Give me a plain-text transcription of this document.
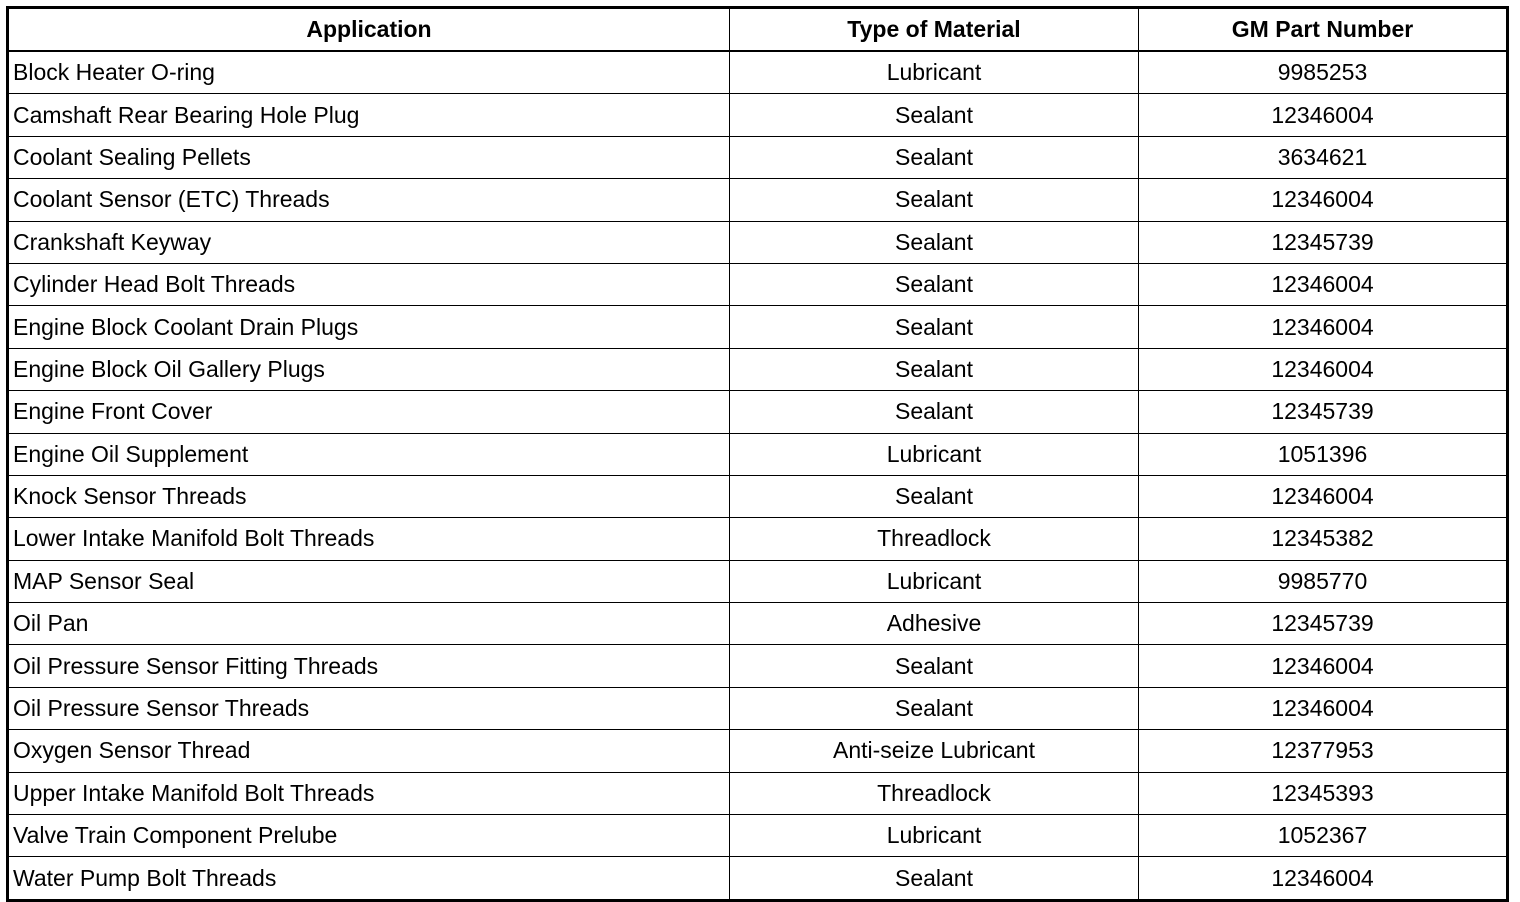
Application	Type of Material	GM Part Number
Block Heater O-ring	Lubricant	9985253
Camshaft Rear Bearing Hole Plug	Sealant	12346004
Coolant Sealing Pellets	Sealant	3634621
Coolant Sensor (ETC) Threads	Sealant	12346004
Crankshaft Keyway	Sealant	12345739
Cylinder Head Bolt Threads	Sealant	12346004
Engine Block Coolant Drain Plugs	Sealant	12346004
Engine Block Oil Gallery Plugs	Sealant	12346004
Engine Front Cover	Sealant	12345739
Engine Oil Supplement	Lubricant	1051396
Knock Sensor Threads	Sealant	12346004
Lower Intake Manifold Bolt Threads	Threadlock	12345382
MAP Sensor Seal	Lubricant	9985770
Oil Pan	Adhesive	12345739
Oil Pressure Sensor Fitting Threads	Sealant	12346004
Oil Pressure Sensor Threads	Sealant	12346004
Oxygen Sensor Thread	Anti-seize Lubricant	12377953
Upper Intake Manifold Bolt Threads	Threadlock	12345393
Valve Train Component Prelube	Lubricant	1052367
Water Pump Bolt Threads	Sealant	12346004
